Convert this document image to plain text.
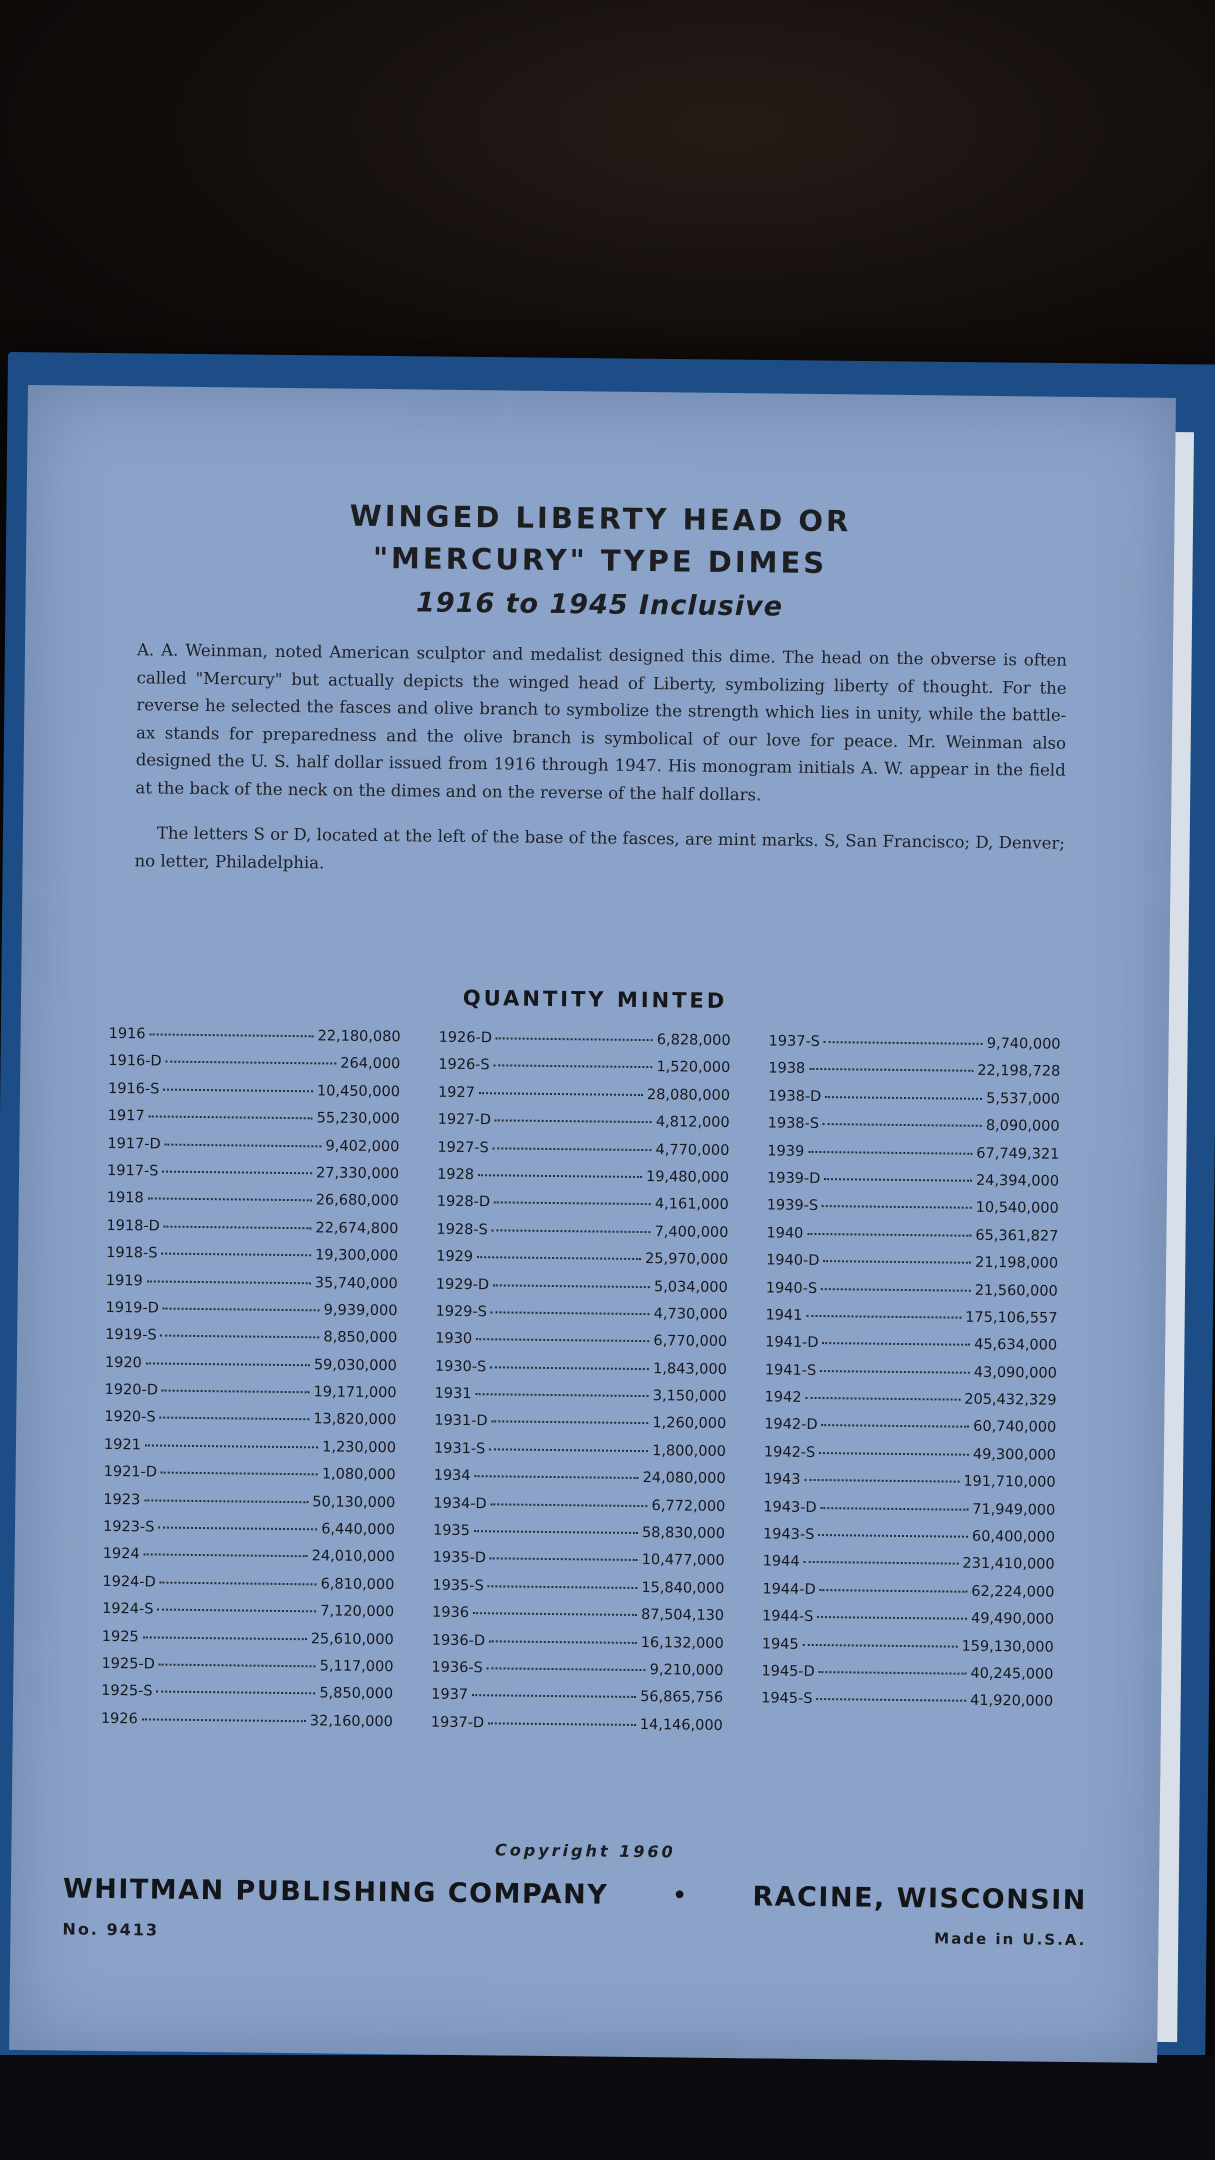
WINGED LIBERTY HEAD OR
"MERCURY" TYPE DIMES
1916 to 1945 Inclusive

A. A. Weinman, noted American sculptor and medalist designed this dime. The head on the obverse is often called "Mercury" but actually depicts the winged head of Liberty, symbolizing liberty of thought. For the reverse he selected the fasces and olive branch to symbolize the strength which lies in unity, while the battle-ax stands for preparedness and the olive branch is symbolical of our love for peace. Mr. Weinman also designed the U. S. half dollar issued from 1916 through 1947. His monogram initials A. W. appear in the field at the back of the neck on the dimes and on the reverse of the half dollars.

The letters S or D, located at the left of the base of the fasces, are mint marks. S, San Francisco; D, Denver; no letter, Philadelphia.

QUANTITY MINTED
1916	22,180,080
1916-D	264,000
1916-S	10,450,000
1917	55,230,000
1917-D	9,402,000
1917-S	27,330,000
1918	26,680,000
1918-D	22,674,800
1918-S	19,300,000
1919	35,740,000
1919-D	9,939,000
1919-S	8,850,000
1920	59,030,000
1920-D	19,171,000
1920-S	13,820,000
1921	1,230,000
1921-D	1,080,000
1923	50,130,000
1923-S	6,440,000
1924	24,010,000
1924-D	6,810,000
1924-S	7,120,000
1925	25,610,000
1925-D	5,117,000
1925-S	5,850,000
1926	32,160,000
1926-D	6,828,000
1926-S	1,520,000
1927	28,080,000
1927-D	4,812,000
1927-S	4,770,000
1928	19,480,000
1928-D	4,161,000
1928-S	7,400,000
1929	25,970,000
1929-D	5,034,000
1929-S	4,730,000
1930	6,770,000
1930-S	1,843,000
1931	3,150,000
1931-D	1,260,000
1931-S	1,800,000
1934	24,080,000
1934-D	6,772,000
1935	58,830,000
1935-D	10,477,000
1935-S	15,840,000
1936	87,504,130
1936-D	16,132,000
1936-S	9,210,000
1937	56,865,756
1937-D	14,146,000
1937-S	9,740,000
1938	22,198,728
1938-D	5,537,000
1938-S	8,090,000
1939	67,749,321
1939-D	24,394,000
1939-S	10,540,000
1940	65,361,827
1940-D	21,198,000
1940-S	21,560,000
1941	175,106,557
1941-D	45,634,000
1941-S	43,090,000
1942	205,432,329
1942-D	60,740,000
1942-S	49,300,000
1943	191,710,000
1943-D	71,949,000
1943-S	60,400,000
1944	231,410,000
1944-D	62,224,000
1944-S	49,490,000
1945	159,130,000
1945-D	40,245,000
1945-S	41,920,000
Copyright 1960
WHITMAN PUBLISHING COMPANY	• RACINE, WISCONSIN
No. 9413	Made in U.S.A.
